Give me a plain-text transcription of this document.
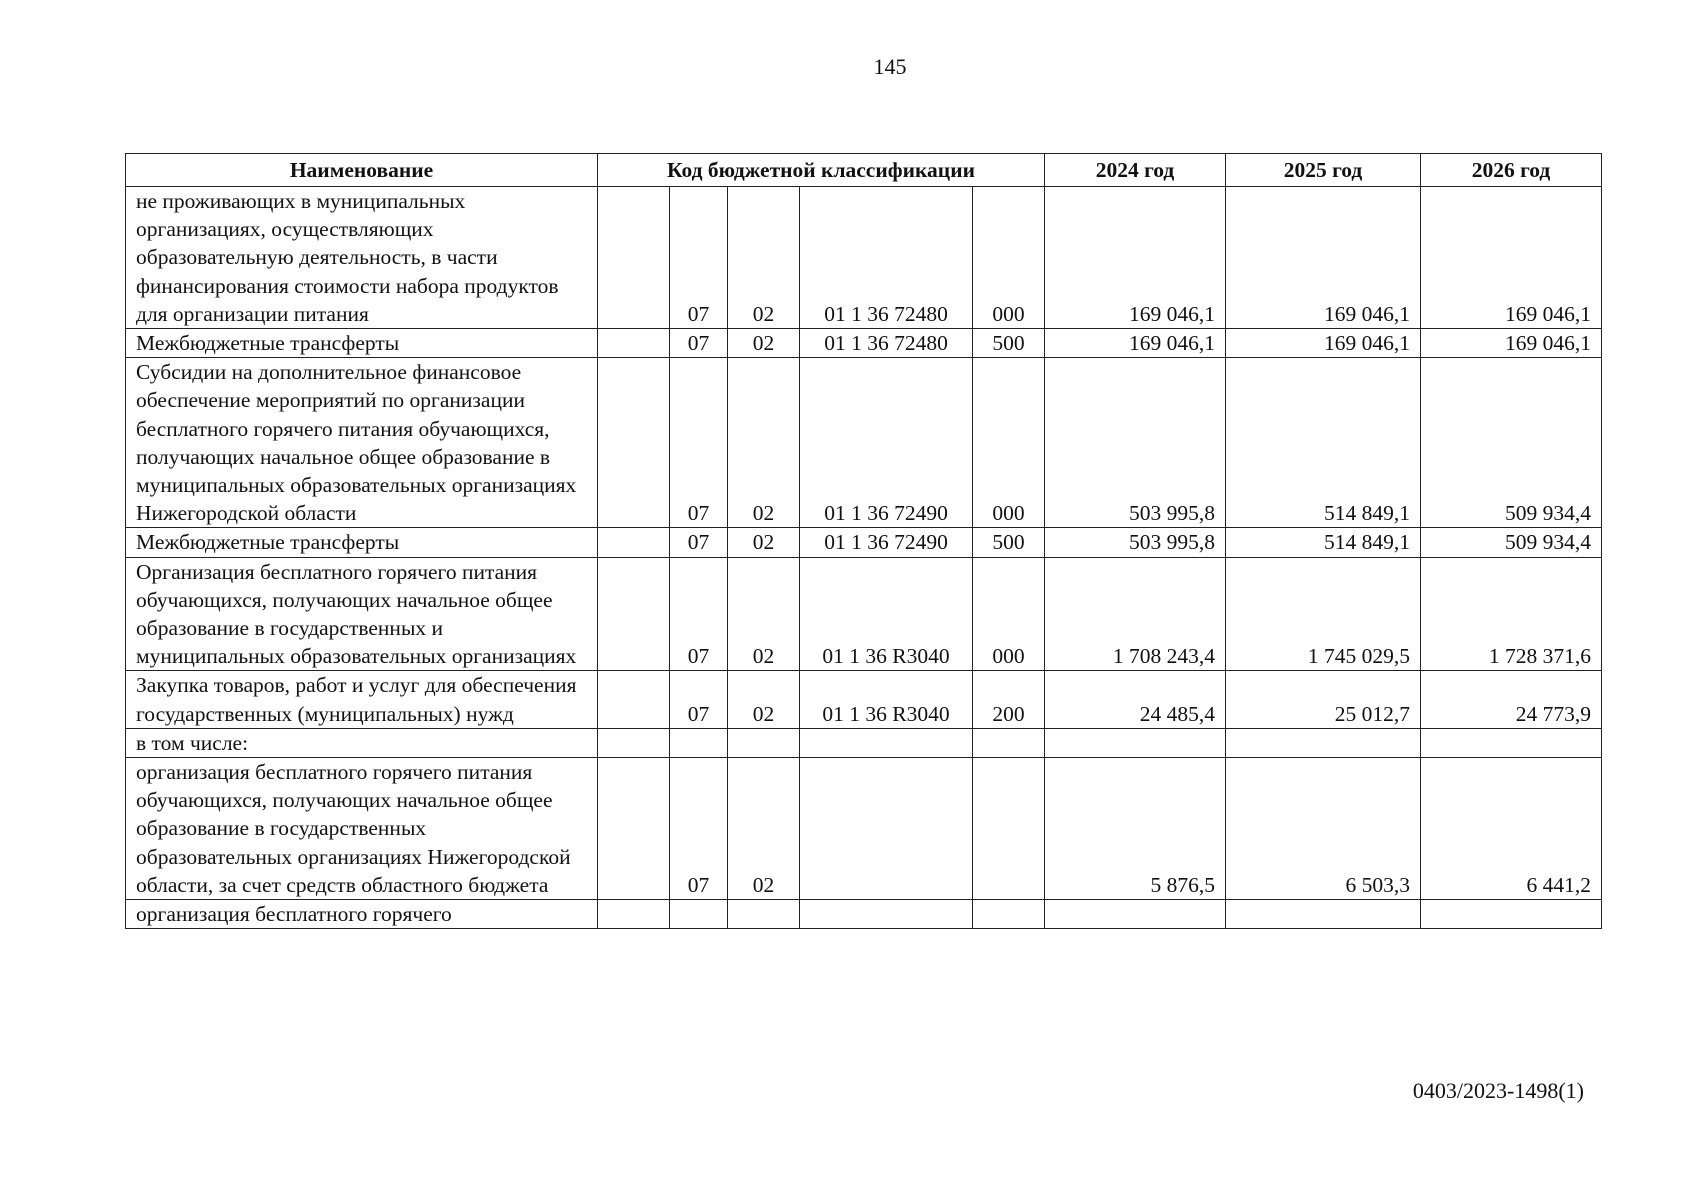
145
Наименование	Код бюджетной классификации					2024 год	2025 год	2026 год
не проживающих в муниципальных организациях, осуществляющих образовательную деятельность, в части финансирования стоимости набора продуктов для организации питания		07	02	01 1 36 72480	000	169 046,1	169 046,1	169 046,1
Межбюджетные трансферты		07	02	01 1 36 72480	500	169 046,1	169 046,1	169 046,1
Субсидии на дополнительное финансовое обеспечение мероприятий по организации бесплатного горячего питания обучающихся, получающих начальное общее образование в муниципальных образовательных организациях Нижегородской области		07	02	01 1 36 72490	000	503 995,8	514 849,1	509 934,4
Межбюджетные трансферты		07	02	01 1 36 72490	500	503 995,8	514 849,1	509 934,4
Организация бесплатного горячего питания обучающихся, получающих начальное общее образование в государственных и муниципальных образовательных организациях		07	02	01 1 36 R3040	000	1 708 243,4	1 745 029,5	1 728 371,6
Закупка товаров, работ и услуг для обеспечения государственных (муниципальных) нужд		07	02	01 1 36 R3040	200	24 485,4	25 012,7	24 773,9
в том числе:								
организация бесплатного горячего питания обучающихся, получающих начальное общее образование в государственных образовательных организациях Нижегородской области, за счет средств областного бюджета		07	02			5 876,5	6 503,3	6 441,2
организация бесплатного горячего								
0403/2023-1498(1)
